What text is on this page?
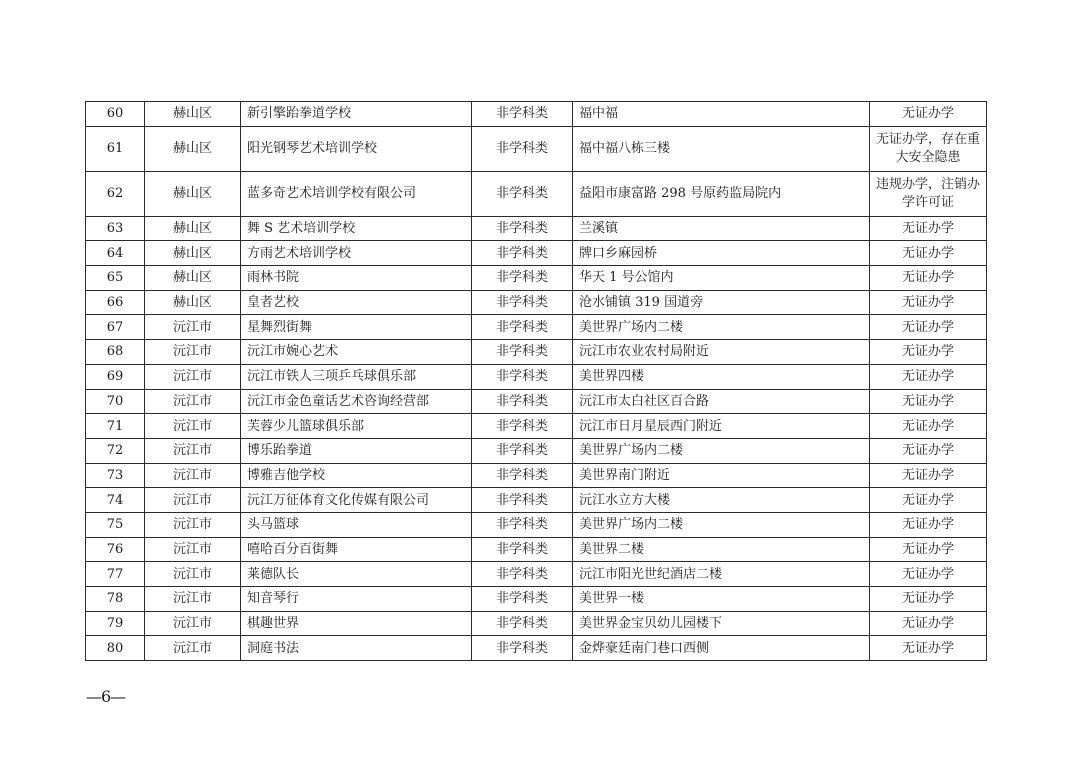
60	赫山区	新引擎跆拳道学校	非学科类	福中福	无证办学
61	赫山区	阳光钢琴艺术培训学校	非学科类	福中福八栋三楼	无证办学，存在重大安全隐患
62	赫山区	蓝多奇艺术培训学校有限公司	非学科类	益阳市康富路 298 号原药监局院内	违规办学，注销办学许可证
63	赫山区	舞 S 艺术培训学校	非学科类	兰溪镇	无证办学
64	赫山区	方雨艺术培训学校	非学科类	牌口乡麻园桥	无证办学
65	赫山区	雨林书院	非学科类	华天 1 号公馆内	无证办学
66	赫山区	皇者艺校	非学科类	沧水铺镇 319 国道旁	无证办学
67	沅江市	星舞烈街舞	非学科类	美世界广场内二楼	无证办学
68	沅江市	沅江市婉心艺术	非学科类	沅江市农业农村局附近	无证办学
69	沅江市	沅江市铁人三项乒乓球俱乐部	非学科类	美世界四楼	无证办学
70	沅江市	沅江市金色童话艺术咨询经营部	非学科类	沅江市太白社区百合路	无证办学
71	沅江市	芙蓉少儿篮球俱乐部	非学科类	沅江市日月星辰西门附近	无证办学
72	沅江市	博乐跆拳道	非学科类	美世界广场内二楼	无证办学
73	沅江市	博雅吉他学校	非学科类	美世界南门附近	无证办学
74	沅江市	沅江万征体育文化传媒有限公司	非学科类	沅江水立方大楼	无证办学
75	沅江市	头马篮球	非学科类	美世界广场内二楼	无证办学
76	沅江市	嘻哈百分百街舞	非学科类	美世界二楼	无证办学
77	沅江市	莱德队长	非学科类	沅江市阳光世纪酒店二楼	无证办学
78	沅江市	知音琴行	非学科类	美世界一楼	无证办学
79	沅江市	棋趣世界	非学科类	美世界金宝贝幼儿园楼下	无证办学
80	沅江市	洞庭书法	非学科类	金烨豪廷南门巷口西侧	无证办学
—6—
